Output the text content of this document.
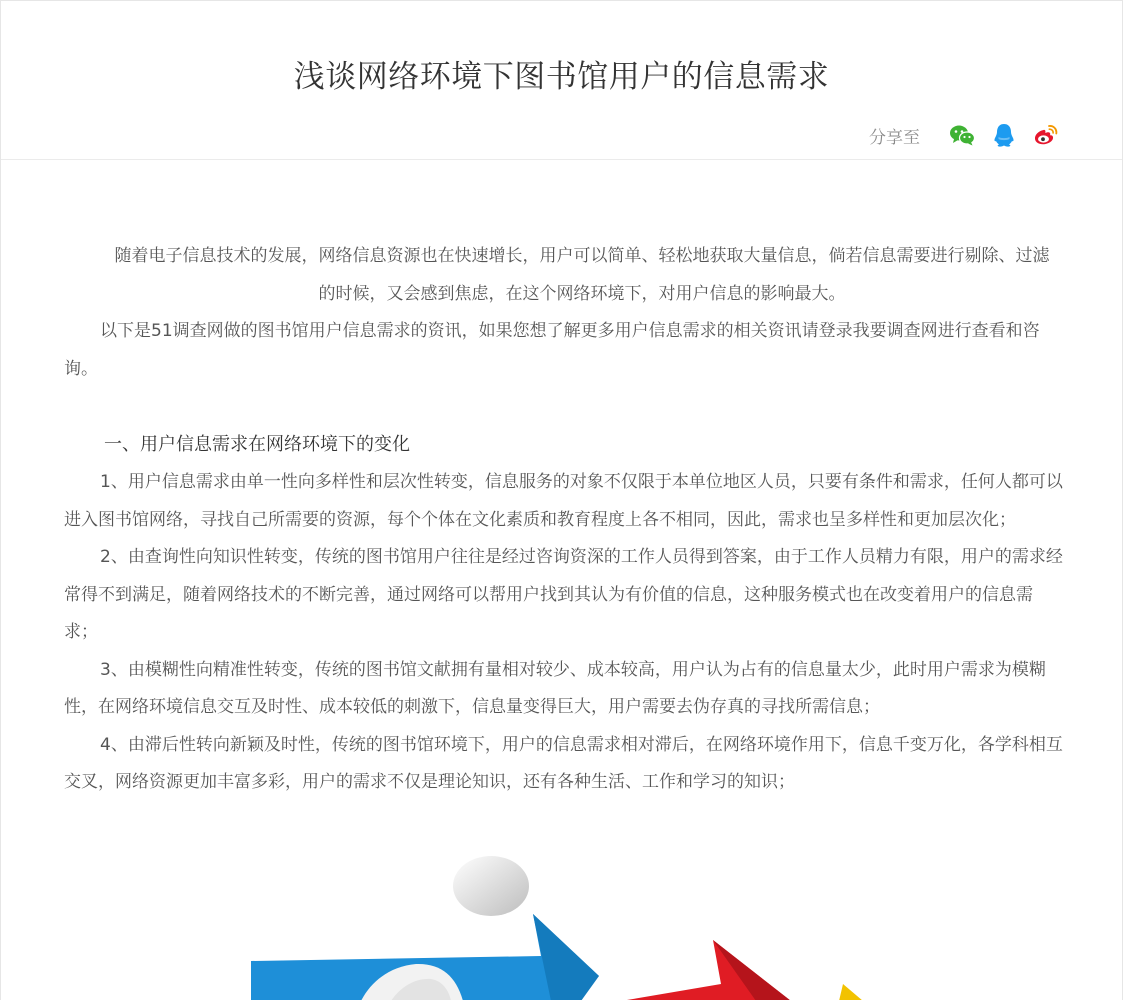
浅谈网络环境下图书馆用户的信息需求
分享至

随着电子信息技术的发展，网络信息资源也在快速增长，用户可以简单、轻松地获取大量信息，倘若信息需要进行剔除、过滤

的时候，又会感到焦虑，在这个网络环境下，对用户信息的影响最大。

以下是51调查网做的图书馆用户信息需求的资讯，如果您想了解更多用户信息需求的相关资讯请登录我要调查网进行查看和咨询。

一、用户信息需求在网络环境下的变化

1、用户信息需求由单一性向多样性和层次性转变，信息服务的对象不仅限于本单位地区人员，只要有条件和需求，任何人都可以进入图书馆网络，寻找自己所需要的资源，每个个体在文化素质和教育程度上各不相同，因此，需求也呈多样性和更加层次化；

2、由查询性向知识性转变，传统的图书馆用户往往是经过咨询资深的工作人员得到答案，由于工作人员精力有限，用户的需求经常得不到满足，随着网络技术的不断完善，通过网络可以帮用户找到其认为有价值的信息，这种服务模式也在改变着用户的信息需求；

3、由模糊性向精准性转变，传统的图书馆文献拥有量相对较少、成本较高，用户认为占有的信息量太少，此时用户需求为模糊性，在网络环境信息交互及时性、成本较低的刺激下，信息量变得巨大，用户需要去伪存真的寻找所需信息；

4、由滞后性转向新颖及时性，传统的图书馆环境下，用户的信息需求相对滞后，在网络环境作用下，信息千变万化，各学科相互交叉，网络资源更加丰富多彩，用户的需求不仅是理论知识，还有各种生活、工作和学习的知识；
